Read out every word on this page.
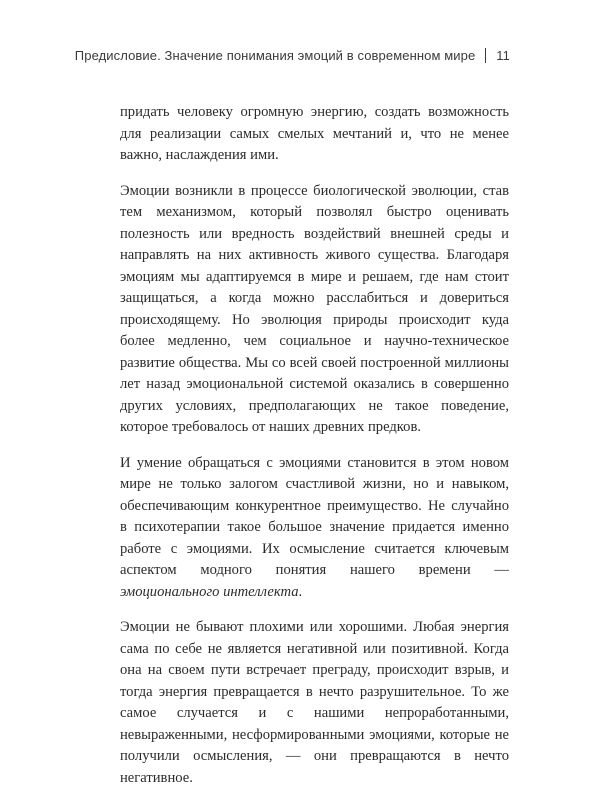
Предисловие. Значение понимания эмоций в современном мире 11

придать человеку огромную энергию, создать возможность для реализации самых смелых мечтаний и, что не менее важно, наслаждения ими.

Эмоции возникли в процессе биологической эволюции, став тем механизмом, который позволял быстро оценивать полезность или вредность воздействий внешней среды и направлять на них активность живого существа. Благодаря эмоциям мы адаптируемся в мире и решаем, где нам стоит защищаться, а когда можно расслабиться и довериться происходящему. Но эволюция природы происходит куда более медленно, чем социальное и научно-техническое развитие общества. Мы со всей своей построенной миллионы лет назад эмоциональной системой оказались в совершенно других условиях, предполагающих не такое поведение, которое требовалось от наших древних предков.

И умение обращаться с эмоциями становится в этом новом мире не только залогом счастливой жизни, но и навыком, обеспечивающим конкурентное преимущество. Не случайно в психотерапии такое большое значение придается именно работе с эмоциями. Их осмысление считается ключевым аспектом модного понятия нашего времени — эмоционального интеллекта.

Эмоции не бывают плохими или хорошими. Любая энергия сама по себе не является негативной или позитивной. Когда она на своем пути встречает преграду, происходит взрыв, и тогда энергия превращается в нечто разрушительное. То же самое случается и с нашими непроработанными, невыраженными, несформированными эмоциями, которые не получили осмысления, — они превращаются в нечто негативное.
